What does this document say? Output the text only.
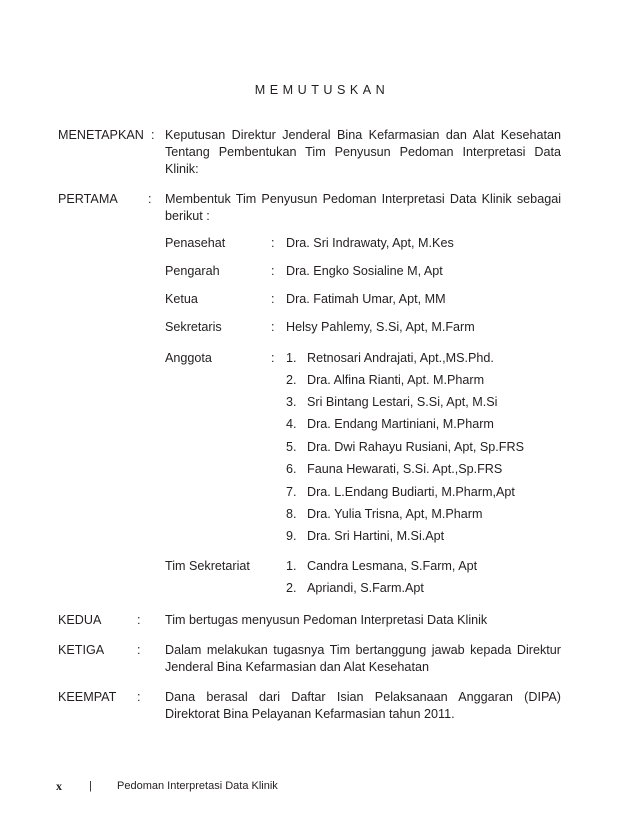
MEMUTUSKAN
MENETAPKAN : Keputusan Direktur Jenderal Bina Kefarmasian dan Alat Kesehatan
Tentang Pembentukan Tim Penyusun Pedoman Interpretasi Data
Klinik:
PERTAMA : Membentuk Tim Penyusun Pedoman Interpretasi Data Klinik sebagai
berikut :
Penasehat	: Dra. Sri Indrawaty, Apt, M.Kes
Pengarah	: Dra. Engko Sosialine M, Apt
Ketua	: Dra. Fatimah Umar, Apt, MM
Sekretaris	: Helsy Pahlemy, S.Si, Apt, M.Farm
Anggota	: 1. Retnosari Andrajati, Apt.,MS.Phd.
2. Dra. Alfina Rianti, Apt. M.Pharm
3. Sri Bintang Lestari, S.Si, Apt, M.Si
4. Dra. Endang Martiniani, M.Pharm
5. Dra. Dwi Rahayu Rusiani, Apt, Sp.FRS
6. Fauna Hewarati, S.Si. Apt.,Sp.FRS
7. Dra. L.Endang Budiarti, M.Pharm,Apt
8. Dra. Yulia Trisna, Apt, M.Pharm
9. Dra. Sri Hartini, M.Si.Apt
Tim Sekretariat	1. Candra Lesmana, S.Farm, Apt
2. Apriandi, S.Farm.Apt
KEDUA	: Tim bertugas menyusun Pedoman Interpretasi Data Klinik
KETIGA	: Dalam melakukan tugasnya Tim bertanggung jawab kepada Direktur
Jenderal Bina Kefarmasian dan Alat Kesehatan
KEEMPAT : Dana berasal dari Daftar Isian Pelaksanaan Anggaran (DIPA)
Direktorat Bina Pelayanan Kefarmasian tahun 2011.
x | Pedoman Interpretasi Data Klinik
